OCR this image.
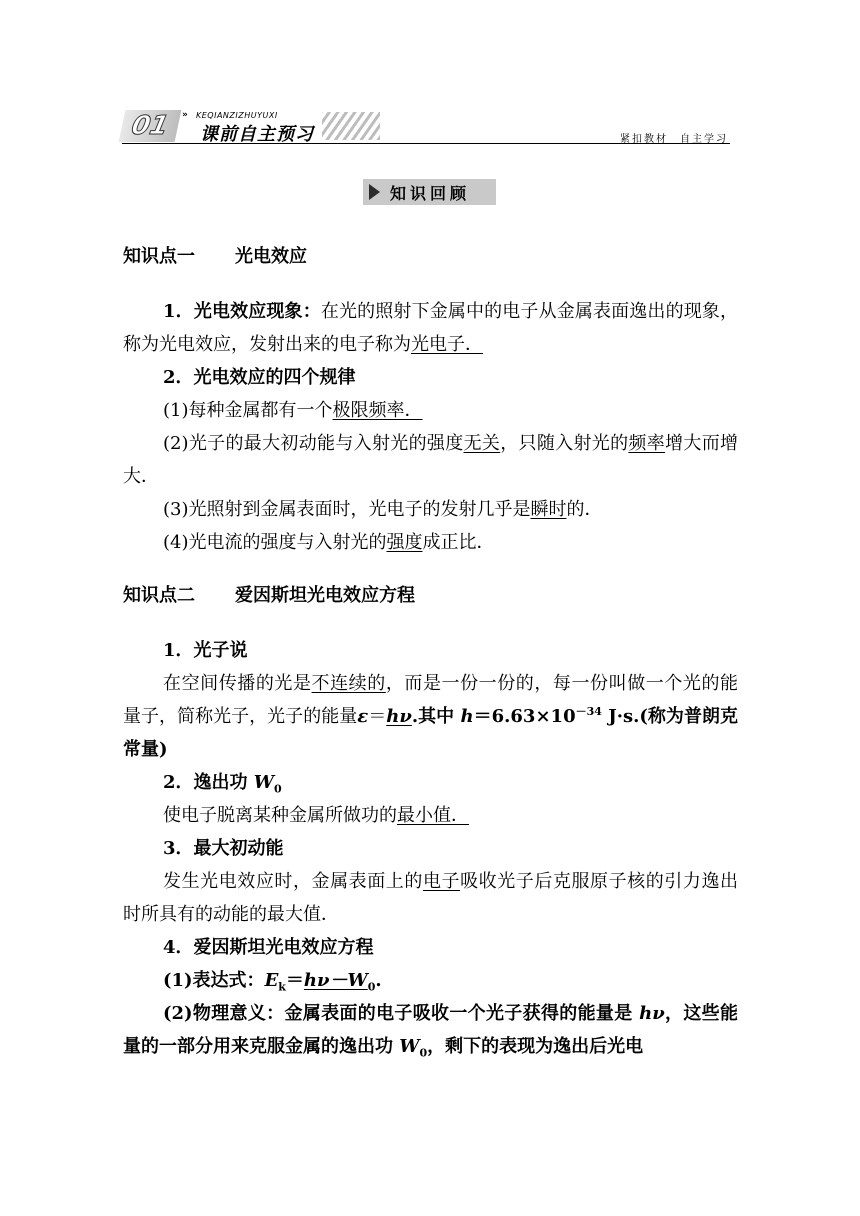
01	» KEQIANZIZHUYUXI
课前自主预习	紧扣教材　自主学习
知识回顾

知识点一 光电效应

1．光电效应现象：在光的照射下金属中的电子从金属表面逸出的现象，称为光电效应，发射出来的电子称为光电子．

2．光电效应的四个规律

(1)每种金属都有一个极限频率．

(2)光子的最大初动能与入射光的强度无关，只随入射光的频率增大而增大．

(3)光照射到金属表面时，光电子的发射几乎是瞬时的．

(4)光电流的强度与入射光的强度成正比．

知识点二 爱因斯坦光电效应方程

1．光子说

在空间传播的光是不连续的，而是一份一份的，每一份叫做一个光的能量子，简称光子，光子的能量ε＝hν.其中 $h=6.63\times 10^{-34}$ J·s.(称为普朗克常量)

2．逸出功 $W_0$

使电子脱离某种金属所做功的最小值．

3．最大初动能

发生光电效应时，金属表面上的电子吸收光子后克服原子核的引力逸出时所具有的动能的最大值．

4．爱因斯坦光电效应方程

(1)表达式：$E_k=h\nu-W_0$.

(2)物理意义：金属表面的电子吸收一个光子获得的能量是 hν，这些能量的一部分用来克服金属的逸出功 $W_0$，剩下的表现为逸出后光电
